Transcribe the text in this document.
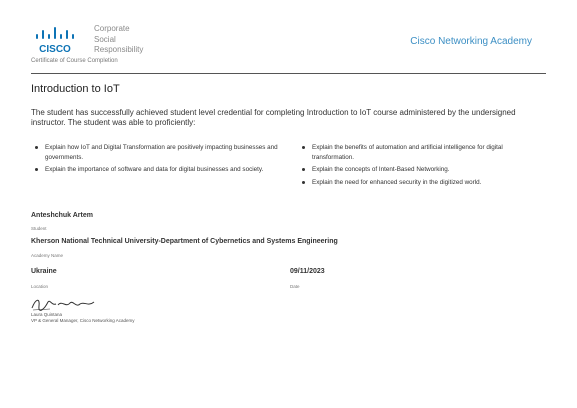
CISCO
Corporate
Social
Responsibility
Certificate of Course Completion
Cisco Networking Academy
Introduction to IoT
The student has successfully achieved student level credential for completing Introduction to IoT course administered by the undersigned instructor. The student was able to proficiently:
Explain how IoT and Digital Transformation are positively impacting businesses and governments.
Explain the importance of software and data for digital businesses and society.
Explain the benefits of automation and artificial intelligence for digital transformation.
Explain the concepts of Intent-Based Networking.
Explain the need for enhanced security in the digitized world.
Anteshchuk Artem
Student
Kherson National Technical University-Department of Cybernetics and Systems Engineering
Academy Name
Ukraine
Location
09/11/2023
Date
Laura Quintana
VP & General Manager, Cisco Networking Academy
